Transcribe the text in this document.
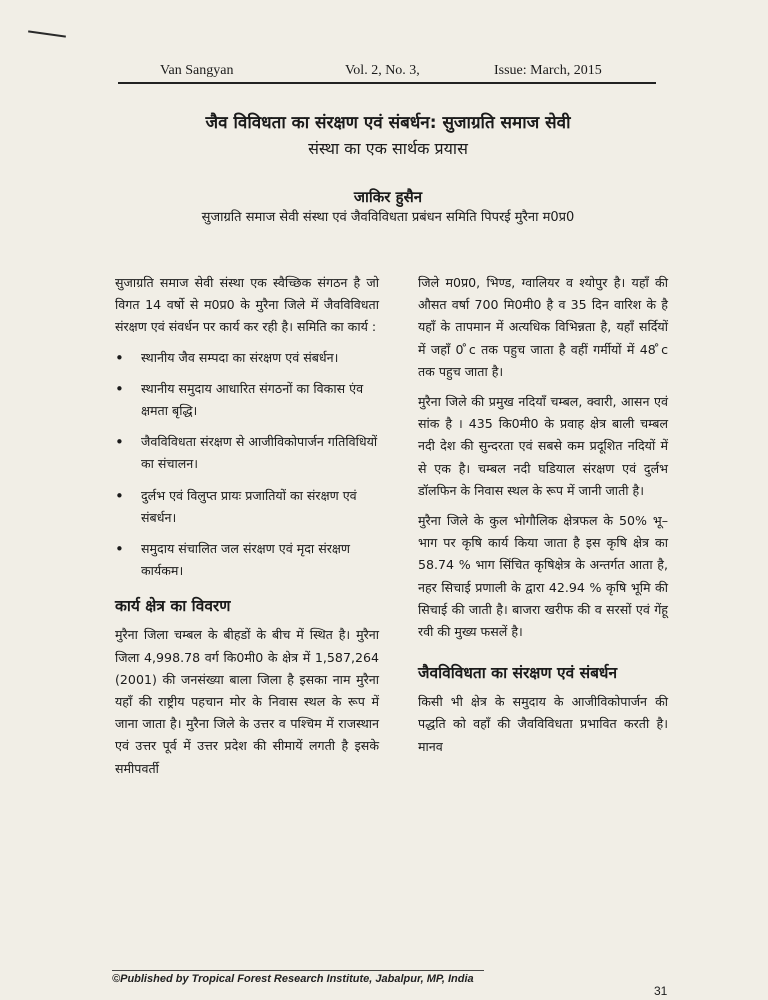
Van Sangyan	Vol. 2, No. 3,	Issue: March, 2015
जैव विविधता का संरक्षण एवं संबर्धन: सुजाग्रति समाज सेवी
संस्था का एक सार्थक प्रयास

जाकिर हुसैन

सुजाग्रति समाज सेवी संस्था एवं जैवविविधता प्रबंधन समिति पिपरई मुरैना म0प्र0

सुजाग्रति समाज सेवी संस्था एक स्वैच्छिक संगठन है जो विगत 14 वर्षो से म0प्र0 के मुरैना जिले में जैवविविधता संरक्षण एवं संवर्धन पर कार्य कर रही है। समिति का कार्य :

• स्थानीय जैव सम्पदा का संरक्षण एवं संबर्धन।
• स्थानीय समुदाय आधारित संगठनों का विकास एंव क्षमता बृद्धि।
• जैवविविधता संरक्षण से आजीविकोपार्जन गतिविधियों का संचालन।
• दुर्लभ एवं विलुप्त प्रायः प्रजातियों का संरक्षण एवं संबर्धन।
• समुदाय संचालित जल संरक्षण एवं मृदा संरक्षण कार्यकम।
कार्य क्षेत्र का विवरण

मुरैना जिला चम्बल के बीहडों के बीच में स्थित है। मुरैना जिला 4,998.78 वर्ग कि0मी0 के क्षेत्र में 1,587,264 (2001) की जनसंख्या बाला जिला है इसका नाम मुरैना यहाँ की राष्ट्रीय पहचान मोर के निवास स्थल के रूप में जाना जाता है। मुरैना जिले के उत्तर व पश्चिम में राजस्थान एवं उत्तर पूर्व में उत्तर प्रदेश की सीमायें लगती है इसके समीपवर्ती

जिले म0प्र0, भिण्ड, ग्वालियर व श्योपुर है। यहाँ की औसत वर्षा 700 मि0मी0 है व 35 दिन वारिश के है यहाँ के तापमान में अत्यधिक विभिन्नता है, यहाँ सर्दियों में जहाँ 0 ̊c तक पहुच जाता है वहीं गर्मीयों में 48 ̊c तक पहुच जाता है।

मुरैना जिले की प्रमुख नदियाँ चम्बल, क्वारी, आसन एवं सांक है । 435 कि0मी0 के प्रवाह क्षेत्र बाली चम्बल नदी देश की सुन्दरता एवं सबसे कम प्रदूशित नदियों में से एक है। चम्बल नदी घडियाल संरक्षण एवं दुर्लभ डॉलफिन के निवास स्थल के रूप में जानी जाती है।

मुरैना जिले के कुल भोगौलिक क्षेत्रफल के 50% भू–भाग पर कृषि कार्य किया जाता है इस कृषि क्षेत्र का 58.74 % भाग सिंचित कृषिक्षेत्र के अन्तर्गत आता है, नहर सिचाई प्रणाली के द्वारा 42.94 % कृषि भूमि की सिचाई की जाती है। बाजरा खरीफ की व सरसों एवं गेंहू रवी की मुख्य फसलें है।

जैवविविधता का संरक्षण एवं संबर्धन

किसी भी क्षेत्र के समुदाय के आजीविकोपार्जन की पद्धति को वहाँ की जैवविविधता प्रभावित करती है। मानव

©Published by Tropical Forest Research Institute, Jabalpur, MP, India
31
